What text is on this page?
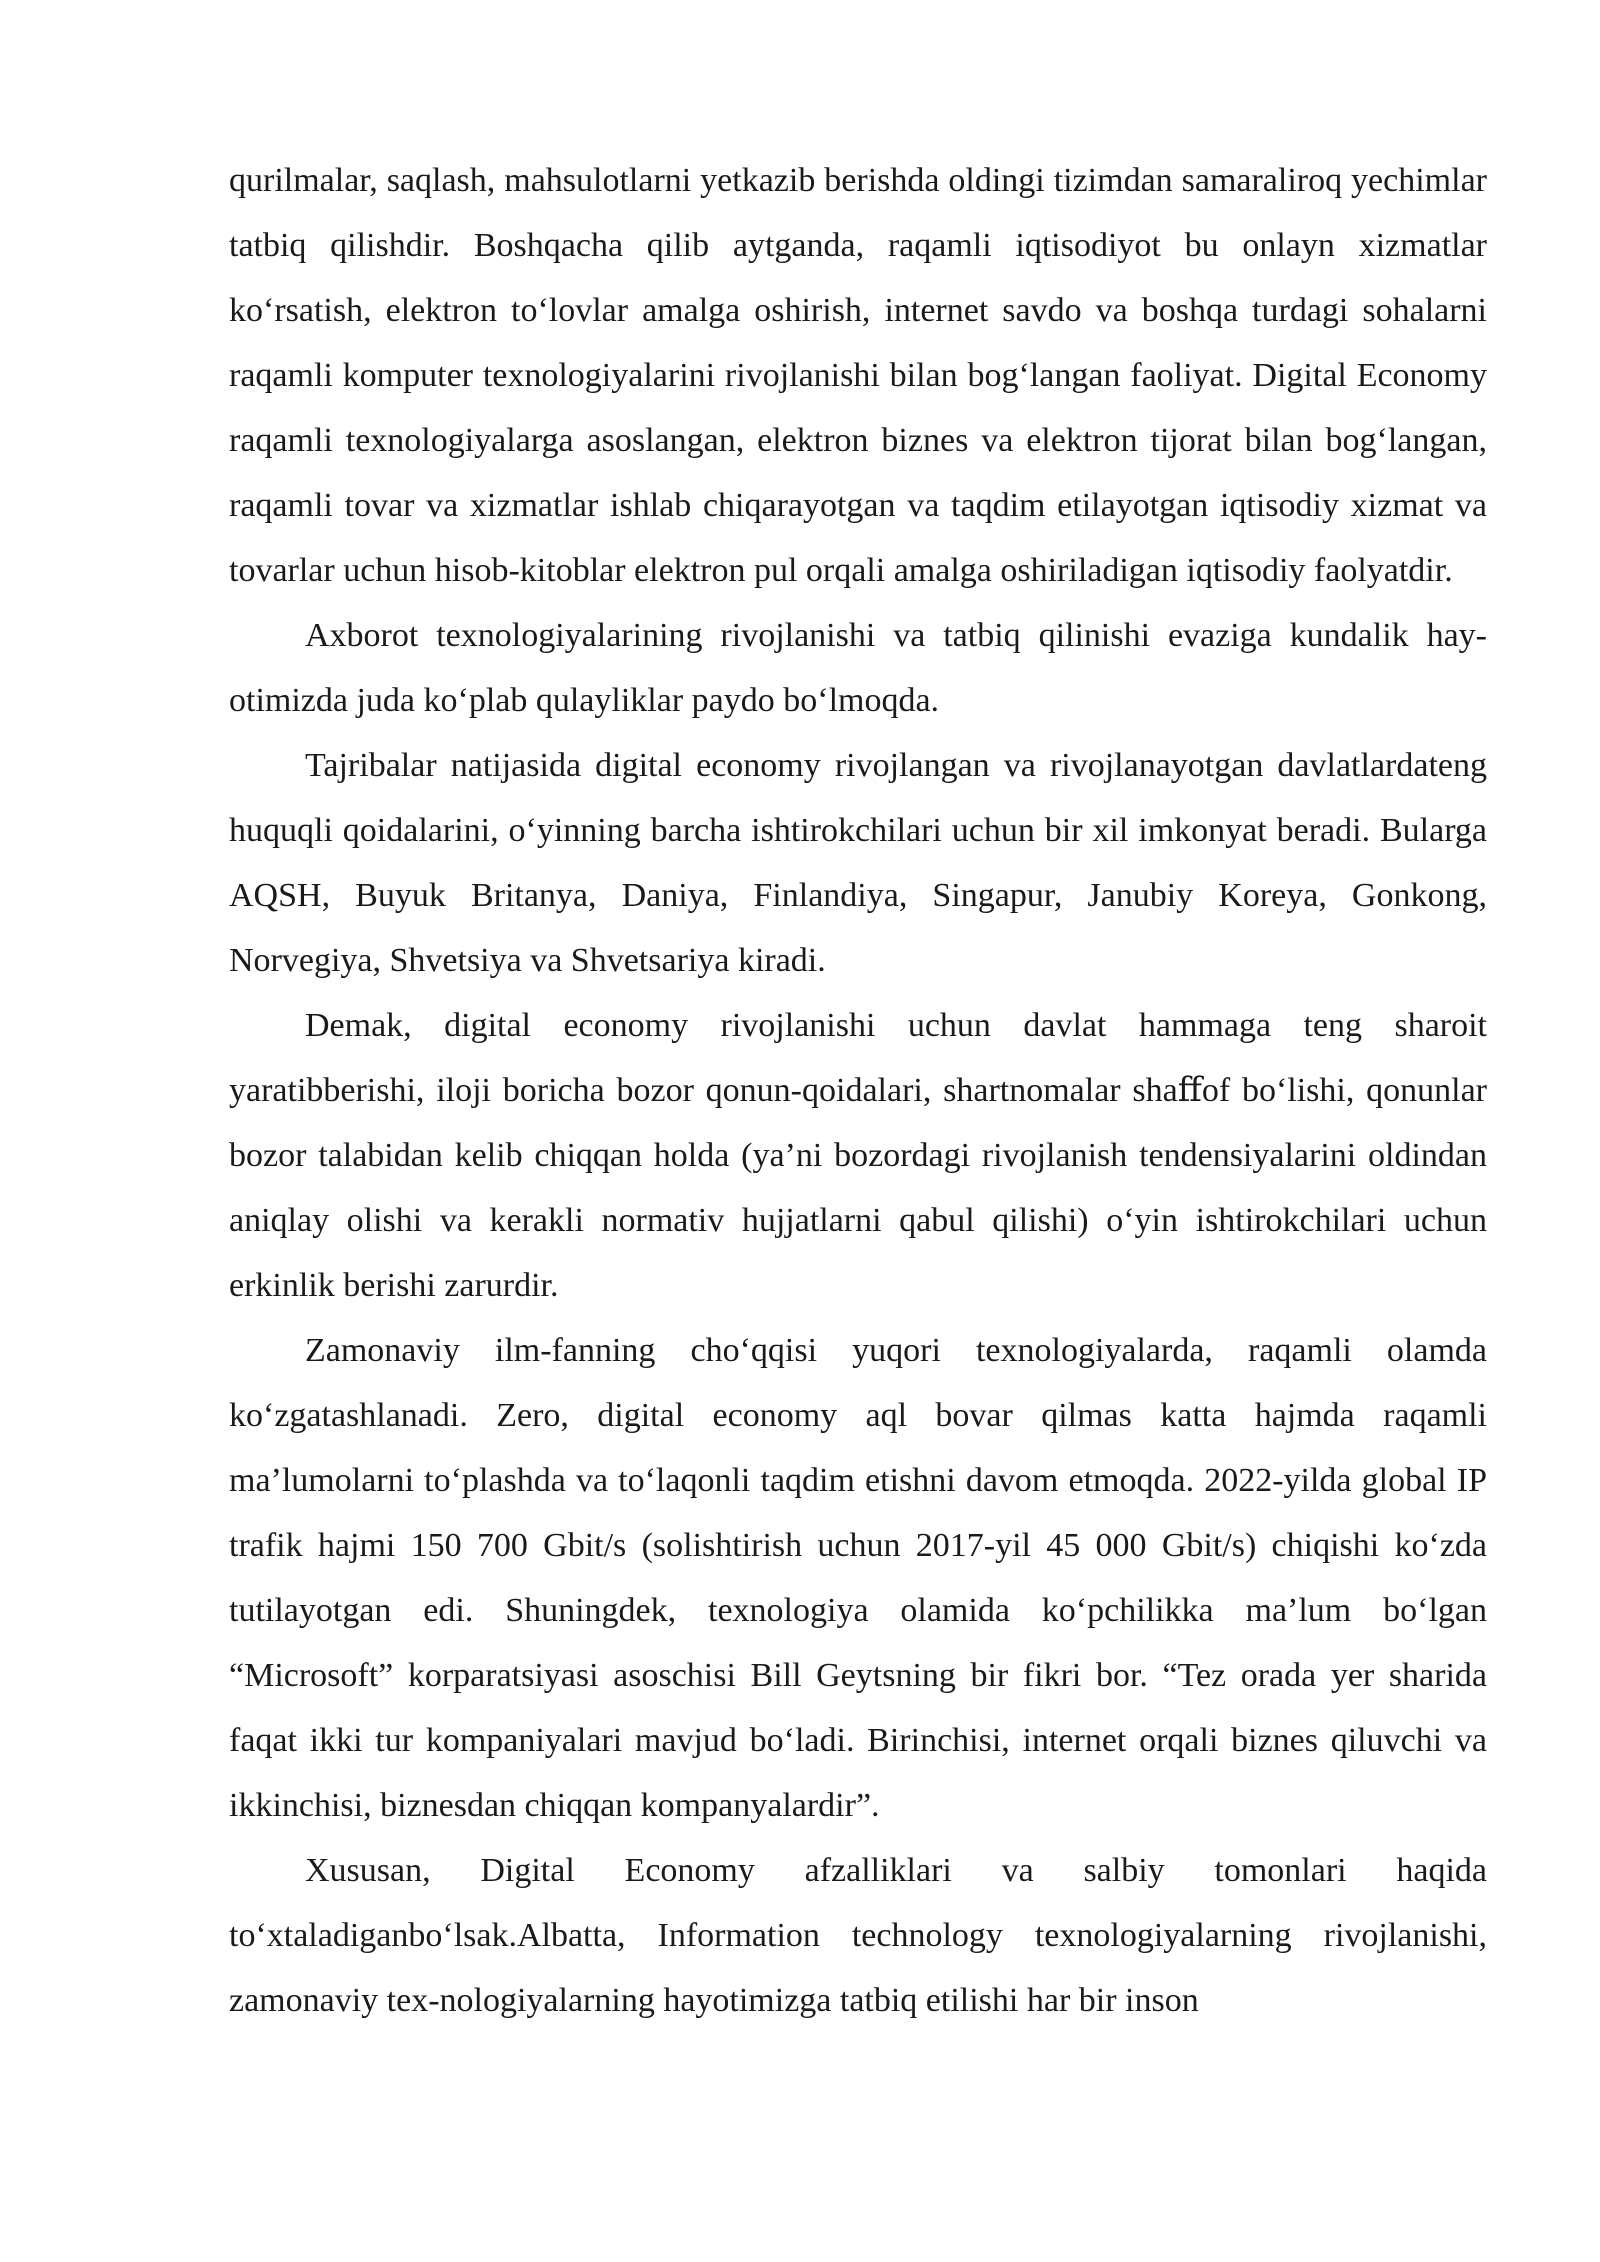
qurilmalar, saqlash, mahsulotlarni yetkazib berishda oldingi tizimdan samaraliroq yechimlar tatbiq qilishdir. Boshqacha qilib aytganda, raqamli iqtisodiyot bu onlayn xizmatlar ko‘rsatish, elektron to‘lovlar amalga oshirish, internet savdo va boshqa turdagi sohalarni raqamli komputer texnologiyalarini rivojlanishi bilan bog‘langan faoliyat. Digital Economy raqamli texnologiyalarga asoslangan, elektron biznes va elektron tijorat bilan bog‘langan, raqamli tovar va xizmatlar ishlab chiqarayotgan va taqdim etilayotgan iqtisodiy xizmat va tovarlar uchun hisob-kitoblar elektron pul orqali amalga oshiriladigan iqtisodiy faolyatdir.

Axborot texnologiyalarining rivojlanishi va tatbiq qilinishi evaziga kundalik hay-otimizda juda ko‘plab qulayliklar paydo bo‘lmoqda.

Tajribalar natijasida digital economy rivojlangan va rivojlanayotgan davlatlardateng huquqli qoidalarini, o‘yinning barcha ishtirokchilari uchun bir xil imkonyat beradi. Bularga AQSH, Buyuk Britanya, Daniya, Finlandiya, Singapur, Janubiy Koreya, Gonkong, Norvegiya, Shvetsiya va Shvetsariya kiradi.

Demak, digital economy rivojlanishi uchun davlat hammaga teng sharoit yaratibberishi, iloji boricha bozor qonun-qoidalari, shartnomalar shaﬀof bo‘lishi, qonunlar bozor talabidan kelib chiqqan holda (ya’ni bozordagi rivojlanish tendensiyalarini oldindan aniqlay olishi va kerakli normativ hujjatlarni qabul qilishi) o‘yin ishtirokchilari uchun erkinlik berishi zarurdir.

Zamonaviy ilm-fanning cho‘qqisi yuqori texnologiyalarda, raqamli olamda ko‘zgatashlanadi. Zero, digital economy aql bovar qilmas katta hajmda raqamli ma’lumolarni to‘plashda va to‘laqonli taqdim etishni davom etmoqda. 2022-yilda global IP trafik hajmi 150 700 Gbit/s (solishtirish uchun 2017-yil 45 000 Gbit/s) chiqishi ko‘zda tutilayotgan edi. Shuningdek, texnologiya olamida ko‘pchilikka ma’lum bo‘lgan “Microsoft” korparatsiyasi asoschisi Bill Geytsning bir fikri bor. “Tez orada yer sharida faqat ikki tur kompaniyalari mavjud bo‘ladi. Birinchisi, internet orqali biznes qiluvchi va ikkinchisi, biznesdan chiqqan kompanyalardir”.

Xususan, Digital Economy afzalliklari va salbiy tomonlari haqida to‘xtaladiganbo‘lsak.Albatta, Information technology texnologiyalarning rivojlanishi, zamonaviy tex-nologiyalarning hayotimizga tatbiq etilishi har bir inson
